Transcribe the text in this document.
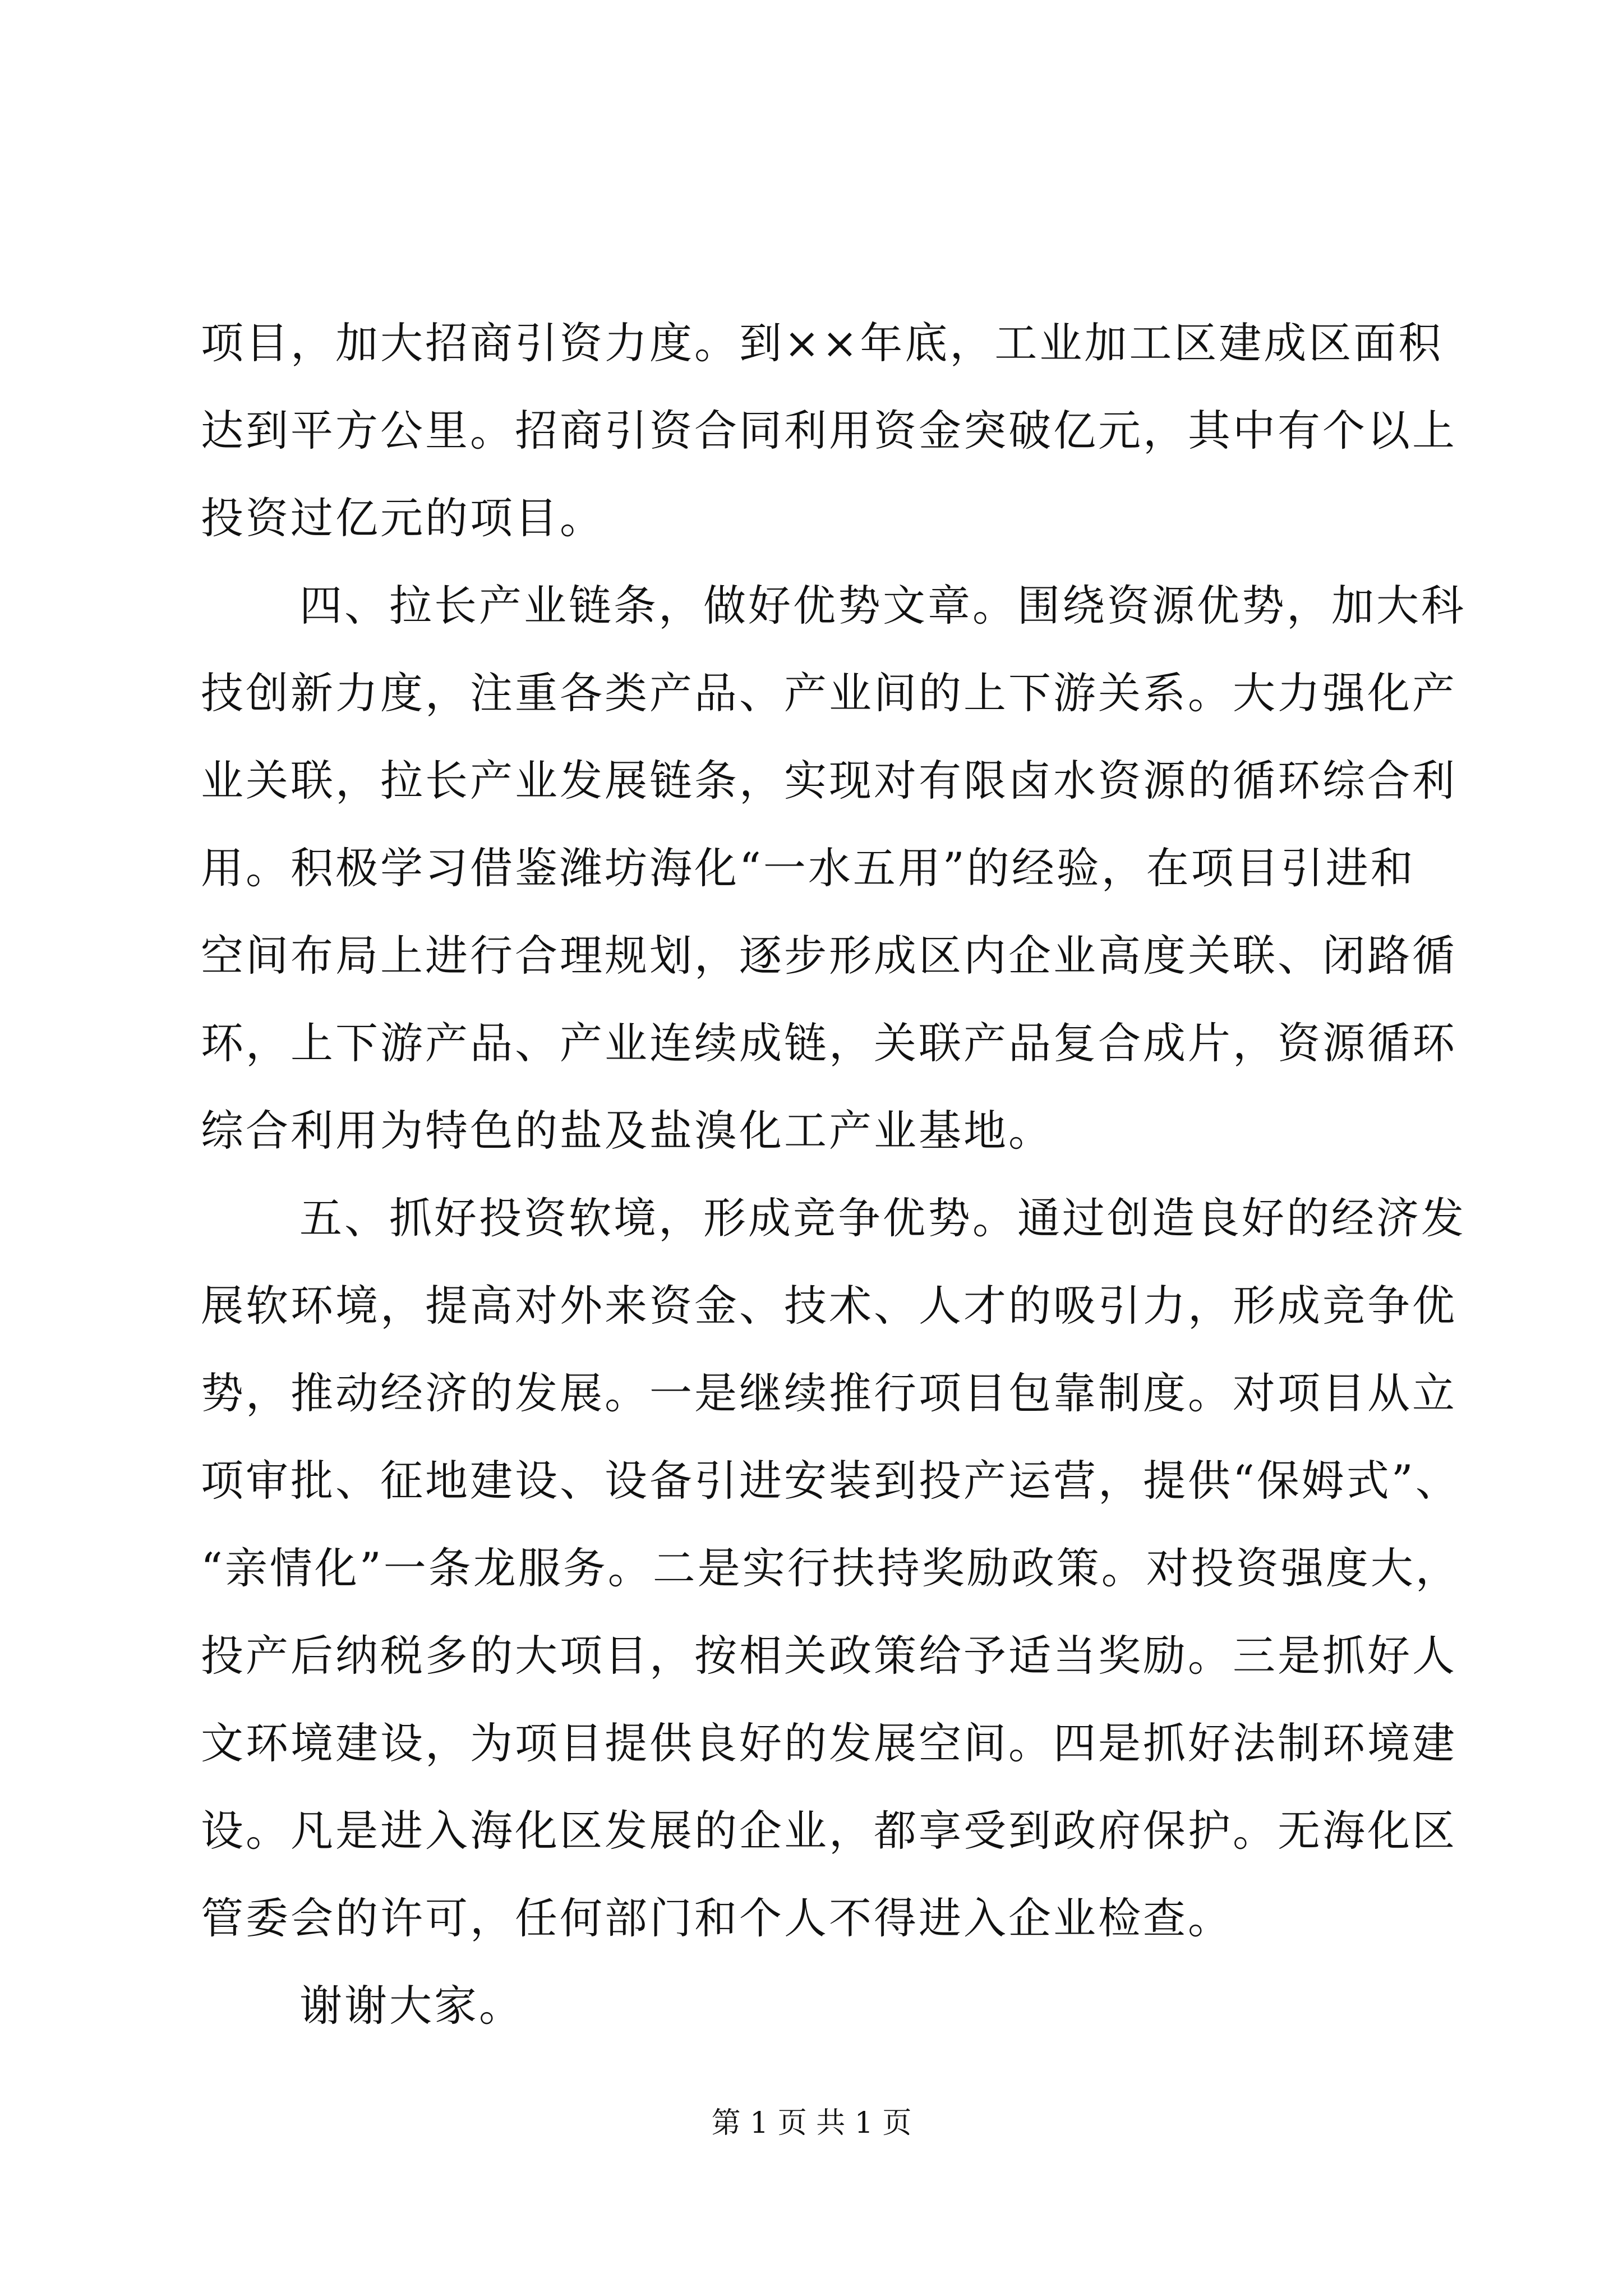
项目，加大招商引资力度。到××年底，工业加工区建成区面积
达到平方公里。招商引资合同利用资金突破亿元，其中有个以上
投资过亿元的项目。
四、拉长产业链条，做好优势文章。围绕资源优势，加大科
技创新力度，注重各类产品、产业间的上下游关系。大力强化产
业关联，拉长产业发展链条，实现对有限卤水资源的循环综合利
用。积极学习借鉴潍坊海化“一水五用”的经验，在项目引进和
空间布局上进行合理规划，逐步形成区内企业高度关联、闭路循
环，上下游产品、产业连续成链，关联产品复合成片，资源循环
综合利用为特色的盐及盐溴化工产业基地。
五、抓好投资软境，形成竞争优势。通过创造良好的经济发
展软环境，提高对外来资金、技术、人才的吸引力，形成竞争优
势，推动经济的发展。一是继续推行项目包靠制度。对项目从立
项审批、征地建设、设备引进安装到投产运营，提供“保姆式”、
“亲情化”一条龙服务。二是实行扶持奖励政策。对投资强度大，
投产后纳税多的大项目，按相关政策给予适当奖励。三是抓好人
文环境建设，为项目提供良好的发展空间。四是抓好法制环境建
设。凡是进入海化区发展的企业，都享受到政府保护。无海化区
管委会的许可，任何部门和个人不得进入企业检查。
谢谢大家。
第 1 页 共 1 页
